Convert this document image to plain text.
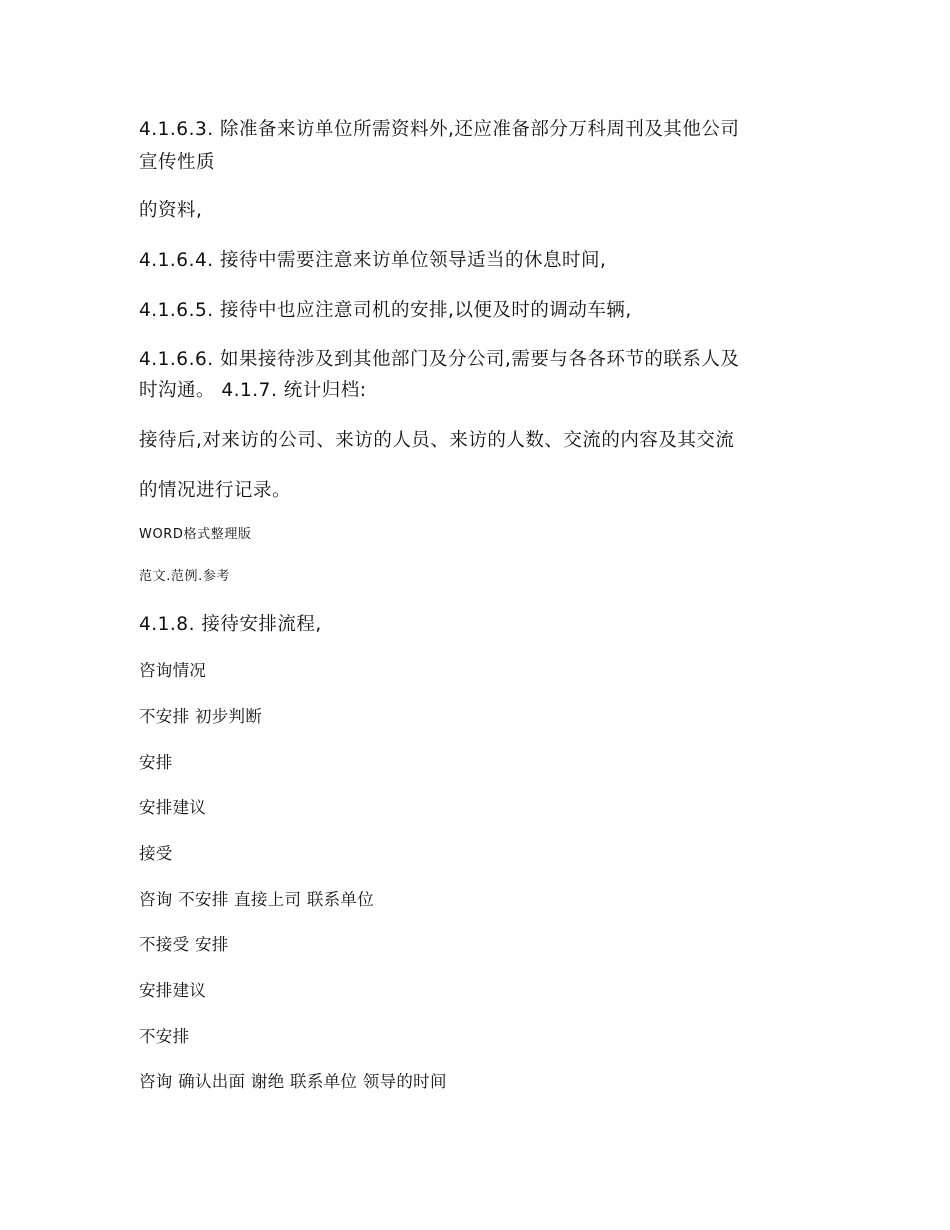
4.1.6.3. 除准备来访单位所需资料外,还应准备部分万科周刊及其他公司
宣传性质
的资料,
4.1.6.4. 接待中需要注意来访单位领导适当的休息时间,
4.1.6.5. 接待中也应注意司机的安排,以便及时的调动车辆,
4.1.6.6. 如果接待涉及到其他部门及分公司,需要与各各环节的联系人及
时沟通。 4.1.7. 统计归档:
接待后,对来访的公司、来访的人员、来访的人数、交流的内容及其交流
的情况进行记录。
WORD格式整理版
范文.范例.参考
4.1.8. 接待安排流程,
咨询情况
不安排 初步判断
安排
安排建议
接受
咨询 不安排 直接上司 联系单位
不接受 安排
安排建议
不安排
咨询 确认出面 谢绝 联系单位 领导的时间
